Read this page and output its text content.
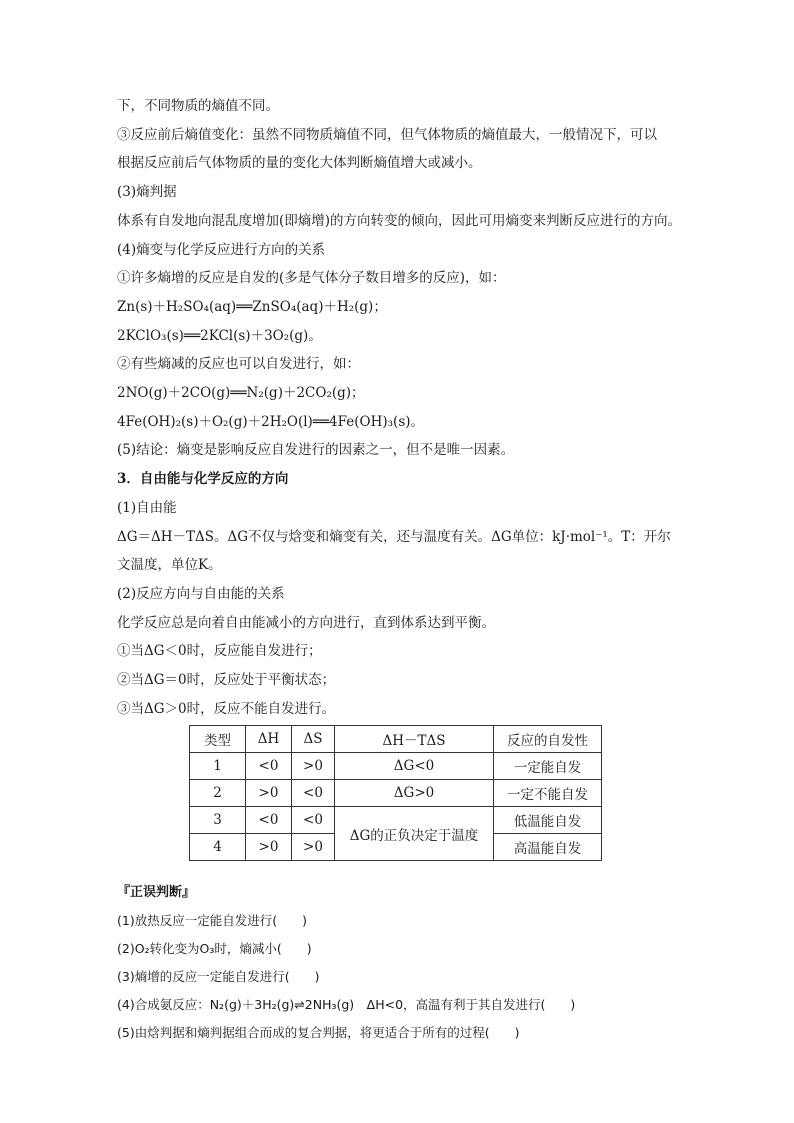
下，不同物质的熵值不同。
③反应前后熵值变化：虽然不同物质熵值不同，但气体物质的熵值最大，一般情况下，可以
根据反应前后气体物质的量的变化大体判断熵值增大或减小。
(3)熵判据
体系有自发地向混乱度增加(即熵增)的方向转变的倾向，因此可用熵变来判断反应进行的方向。
(4)熵变与化学反应进行方向的关系
①许多熵增的反应是自发的(多是气体分子数目增多的反应)，如：
Zn(s)＋H₂SO₄(aq)══ZnSO₄(aq)＋H₂(g)；
2KClO₃(s)══2KCl(s)＋3O₂(g)。
②有些熵减的反应也可以自发进行，如：
2NO(g)＋2CO(g)══N₂(g)＋2CO₂(g)；
4Fe(OH)₂(s)＋O₂(g)＋2H₂O(l)══4Fe(OH)₃(s)。
(5)结论：熵变是影响反应自发进行的因素之一，但不是唯一因素。
3．自由能与化学反应的方向
(1)自由能
ΔG＝ΔH－TΔS。ΔG不仅与焓变和熵变有关，还与温度有关。ΔG单位：kJ·mol⁻¹。T：开尔
文温度，单位K。
(2)反应方向与自由能的关系
化学反应总是向着自由能减小的方向进行，直到体系达到平衡。
①当ΔG＜0时，反应能自发进行；
②当ΔG＝0时，反应处于平衡状态；
③当ΔG＞0时，反应不能自发进行。
类型	ΔH	ΔS	ΔH－TΔS	反应的自发性
1	<0	>0	ΔG<0	一定能自发
2	>0	<0	ΔG>0	一定不能自发
3	<0	<0	ΔG的正负决定于温度	低温能自发
4	>0	>0		高温能自发
『正误判断』
(1)放热反应一定能自发进行(　　)
(2)O₂转化变为O₃时，熵减小(　　)
(3)熵增的反应一定能自发进行(　　)
(4)合成氨反应：N₂(g)＋3H₂(g)⇌2NH₃(g)　ΔH<0，高温有利于其自发进行(　　)
(5)由焓判据和熵判据组合而成的复合判据，将更适合于所有的过程(　　)
